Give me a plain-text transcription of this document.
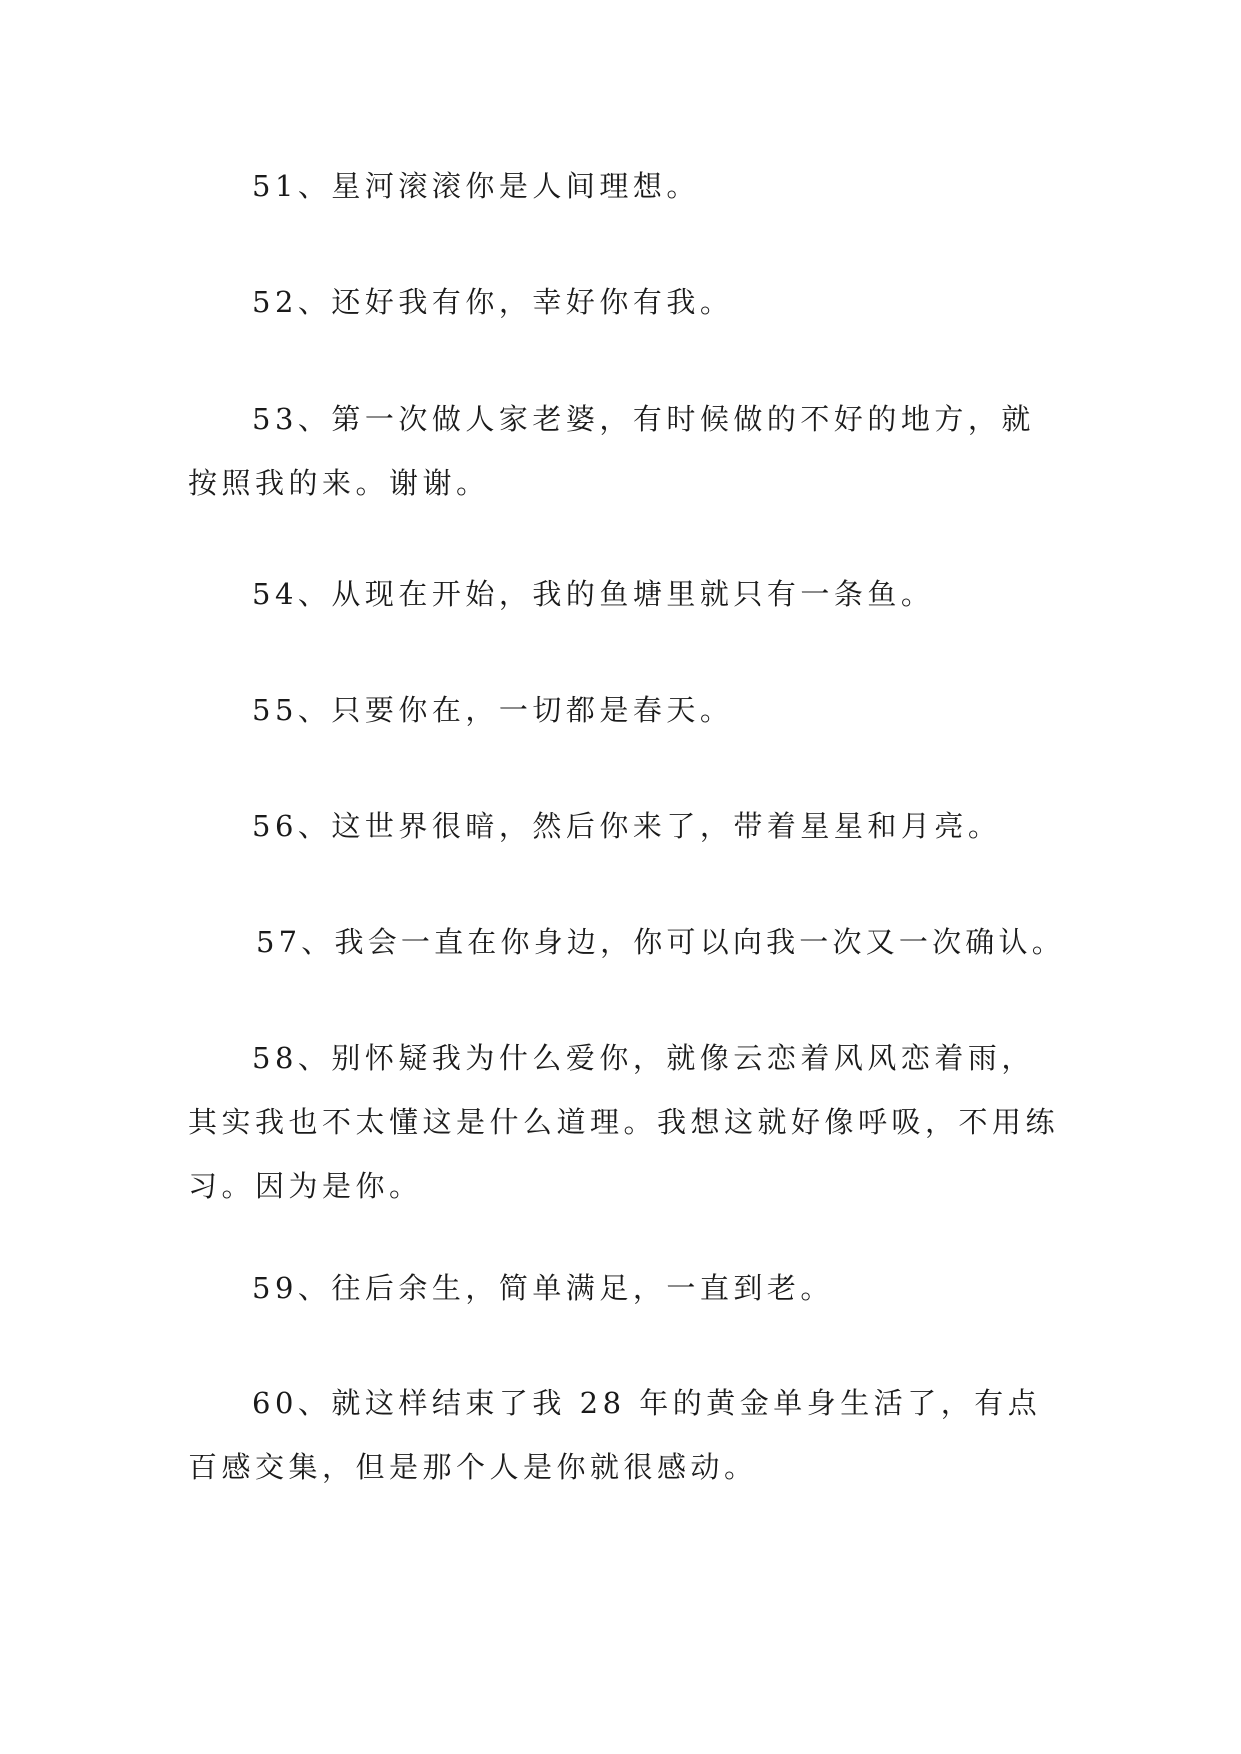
51、星河滚滚你是人间理想。

52、还好我有你，幸好你有我。

53、第一次做人家老婆，有时候做的不好的地方，就按照我的来。谢谢。

54、从现在开始，我的鱼塘里就只有一条鱼。

55、只要你在，一切都是春天。

56、这世界很暗，然后你来了，带着星星和月亮。

57、我会一直在你身边，你可以向我一次又一次确认。

58、别怀疑我为什么爱你，就像云恋着风风恋着雨，其实我也不太懂这是什么道理。我想这就好像呼吸，不用练习。因为是你。

59、往后余生，简单满足，一直到老。

60、就这样结束了我 28 年的黄金单身生活了，有点百感交集，但是那个人是你就很感动。
